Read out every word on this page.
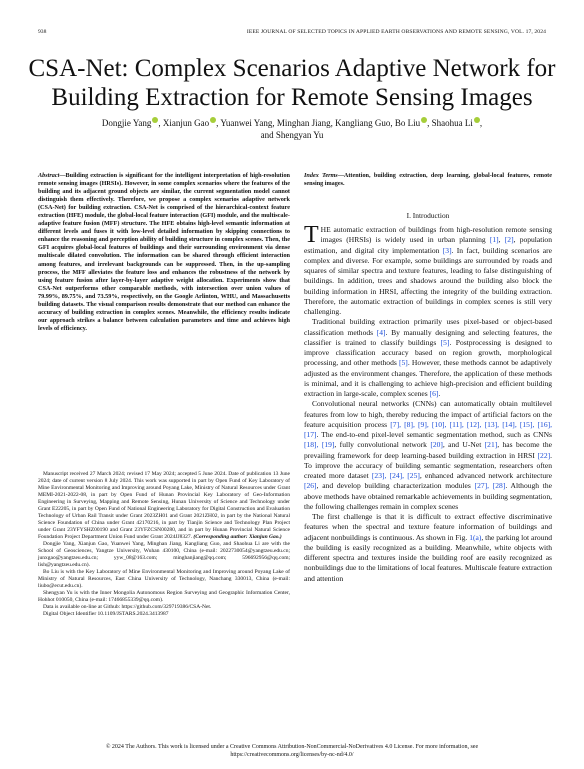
938	IEEE JOURNAL OF SELECTED TOPICS IN APPLIED EARTH OBSERVATIONS AND REMOTE SENSING, VOL. 17, 2024
CSA-Net: Complex Scenarios Adaptive Network for
Building Extraction for Remote Sensing Images
Dongjie Yang , Xianjun Gao , Yuanwei Yang, Minghan Jiang, Kangliang Guo, Bo Liu , Shaohua Li ,
and Shengyan Yu
Abstract—Building extraction is significant for the intelligent interpretation of high-resolution remote sensing images (HRSIs). However, in some complex scenarios where the features of the building and its adjacent ground objects are similar, the current segmentation model cannot distinguish them effectively. Therefore, we propose a complex scenarios adaptive network (CSA-Net) for building extraction. CSA-Net is comprised of the hierarchical-context feature extraction (HFE) module, the global-local feature interaction (GFI) module, and the multiscale-adaptive feature fusion (MFF) structure. The HFE obtains high-level semantic information at different levels and fuses it with low-level detailed information by skipping connections to enhance the reasoning and perception ability of building structure in complex scenes. Then, the GFI acquires global-local features of buildings and their surrounding environment via dense multiscale dilated convolution. The information can be shared through efficient interaction among features, and irrelevant backgrounds can be suppressed. Then, in the up-sampling process, the MFF alleviates the feature loss and enhances the robustness of the network by using feature fusion after layer-by-layer adaptive weight allocation. Experiments show that CSA-Net outperforms other comparable methods, with intersection over union values of 79.99%, 89.75%, and 73.59%, respectively, on the Google Arlinton, WHU, and Massachusetts building datasets. The visual comparison results demonstrate that our method can enhance the accuracy of building extraction in complex scenes. Meanwhile, the efficiency results indicate our approach strikes a balance between calculation parameters and time and achieves high levels of efficiency.

Manuscript received 27 March 2024; revised 17 May 2024; accepted 5 June 2024. Date of publication 13 June 2024; date of current version 8 July 2024. This work was supported in part by Open Fund of Key Laboratory of Mine Environmental Monitoring and Improving around Poyang Lake, Ministry of Natural Resources under Grant MEMI-2021-2022-08, in part by Open Fund of Hunan Provincial Key Laboratory of Geo-Information Engineering in Surveying, Mapping and Remote Sensing, Hunan University of Science and Technology under Grant E22205, in part by Open Fund of National Engineering Laboratory for Digital Construction and Evaluation Technology of Urban Rail Transit under Grant 2023ZH01 and Grant 2021ZH02, in part by the National Natural Science Foundation of China under Grant 42170216, in part by Tianjin Science and Technology Plan Project under Grant 23YFYSHZ00190 and Grant 23YFZCSN00280, and in part by Hunan Provincial Natural Science Foundation Project Department Union Fund under Grant 2024JJ8327. (Corresponding author: Xianjun Gao.)

Dongjie Yang, Xianjun Gao, Yuanwei Yang, Minghan Jiang, Kangliang Guo, and Shaohua Li are with the School of Geosciences, Yangtze University, Wuhan 430100, China (e-mail: 2022730054@yangtzeu.edu.cn; junxgao@yangtzeu.edu.cn; yyw_08@163.com; minghanjiang@qq.com; 596692956@qq.com; lish@yangtzeu.edu.cn).

Bo Liu is with the Key Laboratory of Mine Environmental Monitoring and Improving around Poyang Lake of Ministry of Natural Resources, East China University of Technology, Nanchang 330013, China (e-mail: liubo@ecut.edu.cn).

Shengyan Yu is with the Inner Mongolia Autonomous Region Surveying and Geographic Information Center, Hohhot 010050, China (e-mail: 17466855339@qq.com).

Data is available on-line at Github: https://github.com/329719386/CSA-Net.

Digital Object Identifier 10.1109/JSTARS.2024.3413987

Index Terms—Attention, building extraction, deep learning, global-local features, remote sensing images.
I. Introduction

THE automatic extraction of buildings from high-resolution remote sensing images (HRSIs) is widely used in urban planning [1], [2], population estimation, and digital city implementation [3]. In fact, building scenarios are complex and diverse. For example, some buildings are surrounded by roads and squares of similar spectra and texture features, leading to false distinguishing of buildings. In addition, trees and shadows around the building also block the building information in HRSI, affecting the integrity of the building extraction. Therefore, the automatic extraction of buildings in complex scenes is still very challenging.

Traditional building extraction primarily uses pixel-based or object-based classification methods [4]. By manually designing and selecting features, the classifier is trained to classify buildings [5]. Postprocessing is designed to improve classification accuracy based on region growth, morphological processing, and other methods [5]. However, these methods cannot be adaptively adjusted as the environment changes. Therefore, the application of these methods is minimal, and it is challenging to achieve high-precision and efficient building extraction in large-scale, complex scenes [6].

Convolutional neural networks (CNNs) can automatically obtain multilevel features from low to high, thereby reducing the impact of artificial factors on the feature acquisition process [7], [8], [9], [10], [11], [12], [13], [14], [15], [16], [17]. The end-to-end pixel-level semantic segmentation method, such as CNNs [18], [19], fully convolutional network [20], and U-Net [21], has become the prevailing framework for deep learning-based building extraction in HRSI [22]. To improve the accuracy of building semantic segmentation, researchers often created more dataset [23], [24], [25], enhanced advanced network architecture [26], and develop building characterization modules [27], [28]. Although the above methods have obtained remarkable achievements in building segmentation, the following challenges remain in complex scenes

The first challenge is that it is difficult to extract effective discriminative features when the spectral and texture feature information of buildings and adjacent nonbuildings is continuous. As shown in Fig. 1(a), the parking lot around the building is easily recognized as a building. Meanwhile, white objects with different spectra and textures inside the building roof are easily recognized as nonbuildings due to the limitations of local features. Multiscale feature extraction and attention

© 2024 The Authors. This work is licensed under a Creative Commons Attribution-NonCommercial-NoDerivatives 4.0 License. For more information, see
https://creativecommons.org/licenses/by-nc-nd/4.0/
